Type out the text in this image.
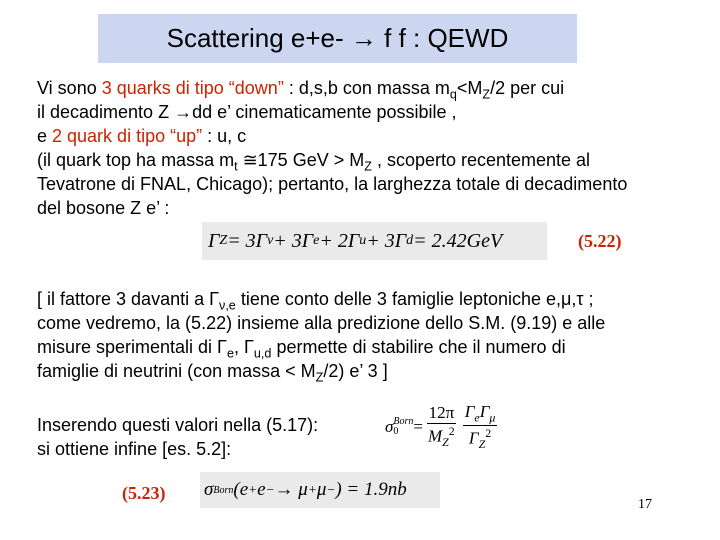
Scattering e+e- → f f : QEWD
Vi sono 3 quarks di tipo “down” : d,s,b con massa $m_q<M_Z/2$ per cui
il decadimento Z →dd e’ cinematicamente possibile ,
e 2 quark di tipo “up” : u, c
(il quark top ha massa $m_t$ ≅175 GeV > $M_Z$ , scoperto recentemente al
Tevatrone di FNAL, Chicago); pertanto, la larghezza totale di decadimento
del bosone Z e’ :
Γ Z = 3Γ ν + 3Γ e + 2Γ u + 3Γ d = 2.42GeV	(5.22)
[ il fattore 3 davanti a $\Gamma_{\nu,e}$ tiene conto delle 3 famiglie leptoniche e,μ,τ ;
come vedremo, la (5.22) insieme alla predizione dello S.M. (9.19) e alle
misure sperimentali di $\Gamma_e$, $\Gamma_{u,d}$ permette di stabilire che il numero di
famiglie di neutrini (con massa < $M_Z/2$) e’ 3 ]
Inserendo questi valori nella (5.17):
si ottiene infine [es. 5.2]:
σ Born
$0 = \frac{12\pi}{M_Z^2} \frac{\Gamma_e\Gamma_\mu}{\Gamma_Z^2}$
(5.23) σ Born (e + e − → μ + μ − ) = 1.9nb
17
